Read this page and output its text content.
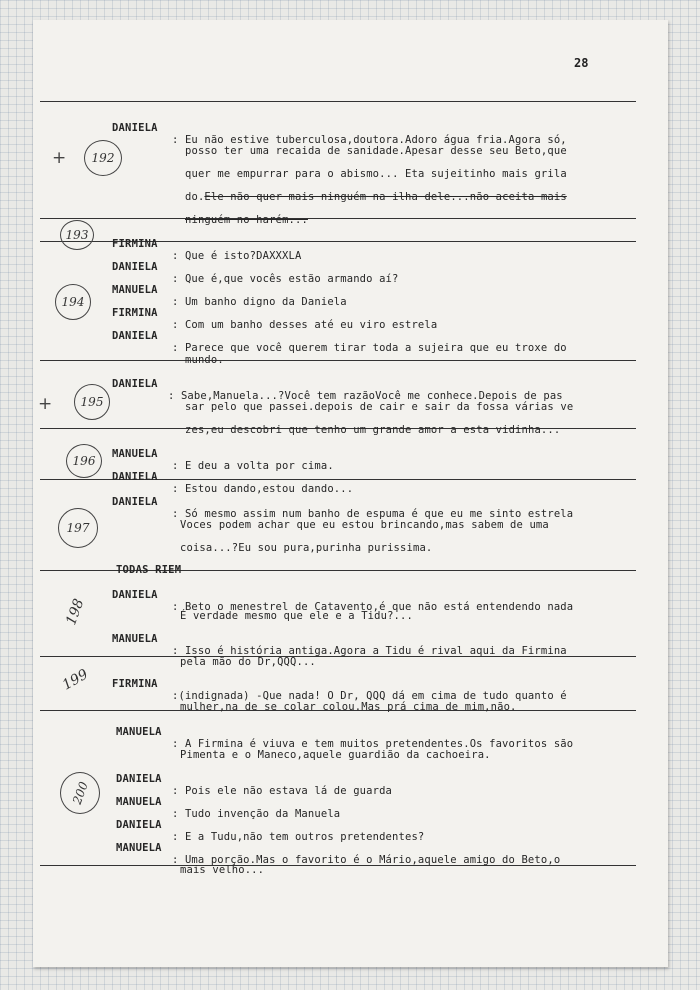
28

DANIELA

: Eu não estive tuberculosa,doutora.Adoro água fria.Agora só,

posso ter uma recaida de sanidade.Apesar desse seu Beto,que

quer me empurrar para o abismo... Eta sujeitinho mais grila

do.Ele não quer mais ninguém na ilha dele...não aceita mais

ninguém no harém...

FIRMINA

: Que é isto?DAXXXLA

DANIELA

: Que é,que vocês estão armando aí?

MANUELA

: Um banho digno da Daniela

FIRMINA

: Com um banho desses até eu viro estrela

DANIELA

: Parece que você querem tirar toda a sujeira que eu troxe do

mundo.

DANIELA

: Sabe,Manuela...?Você tem razãoVocê me conhece.Depois de pas

sar pelo que passei.depois de cair e sair da fossa várias ve

zes,eu descobri que tenho um grande amor a esta vidinha...

MANUELA

: E deu a volta por cima.

DANIELA

: Estou dando,estou dando...

DANIELA

: Só mesmo assim num banho de espuma é que eu me sinto estrela

Voces podem achar que eu estou brincando,mas sabem de uma

coisa...?Eu sou pura,purinha purissima.

TODAS RIEM

DANIELA

: Beto o menestrel de Catavento,é que não está entendendo nada

É verdade mesmo que ele e a Tidu?...

MANUELA

: Isso é história antiga.Agora a Tidu é rival aqui da Firmina

pela mão do Dr,QQQ...

FIRMINA

:(indignada) -Que nada! O Dr, QQQ dá em cima de tudo quanto é

mulher,na de se colar colou.Mas prá cima de mim,não.

MANUELA

: A Firmina é viuva e tem muitos pretendentes.Os favoritos são

Pimenta e o Maneco,aquele guardião da cachoeira.

DANIELA

: Pois ele não estava lá de guarda

MANUELA

: Tudo invenção da Manuela

DANIELA

: E a Tudu,não tem outros pretendentes?

MANUELA

: Uma porção.Mas o favorito é o Mário,aquele amigo do Beto,o

mais velho...

+	192
193
194
+	195
196
197
198
199
200
